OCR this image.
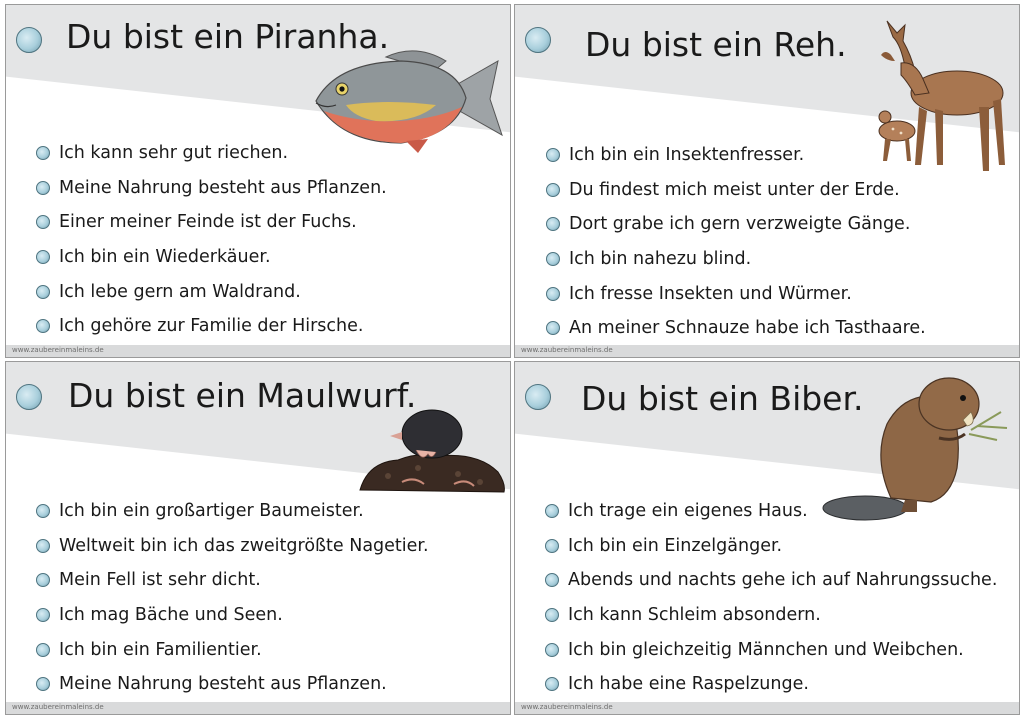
Du bist ein Piranha.
Ich kann sehr gut riechen.
Meine Nahrung besteht aus Pflanzen.
Einer meiner Feinde ist der Fuchs.
Ich bin ein Wiederkäuer.
Ich lebe gern am Waldrand.
Ich gehöre zur Familie der Hirsche.
www.zaubereinmaleins.de
Du bist ein Reh.
Ich bin ein Insektenfresser.
Du findest mich meist unter der Erde.
Dort grabe ich gern verzweigte Gänge.
Ich bin nahezu blind.
Ich fresse Insekten und Würmer.
An meiner Schnauze habe ich Tasthaare.
www.zaubereinmaleins.de
Du bist ein Maulwurf.
Ich bin ein großartiger Baumeister.
Weltweit bin ich das zweitgrößte Nagetier.
Mein Fell ist sehr dicht.
Ich mag Bäche und Seen.
Ich bin ein Familientier.
Meine Nahrung besteht aus Pflanzen.
www.zaubereinmaleins.de
Du bist ein Biber.
Ich trage ein eigenes Haus.
Ich bin ein Einzelgänger.
Abends und nachts gehe ich auf Nahrungssuche.
Ich kann Schleim absondern.
Ich bin gleichzeitig Männchen und Weibchen.
Ich habe eine Raspelzunge.
www.zaubereinmaleins.de
